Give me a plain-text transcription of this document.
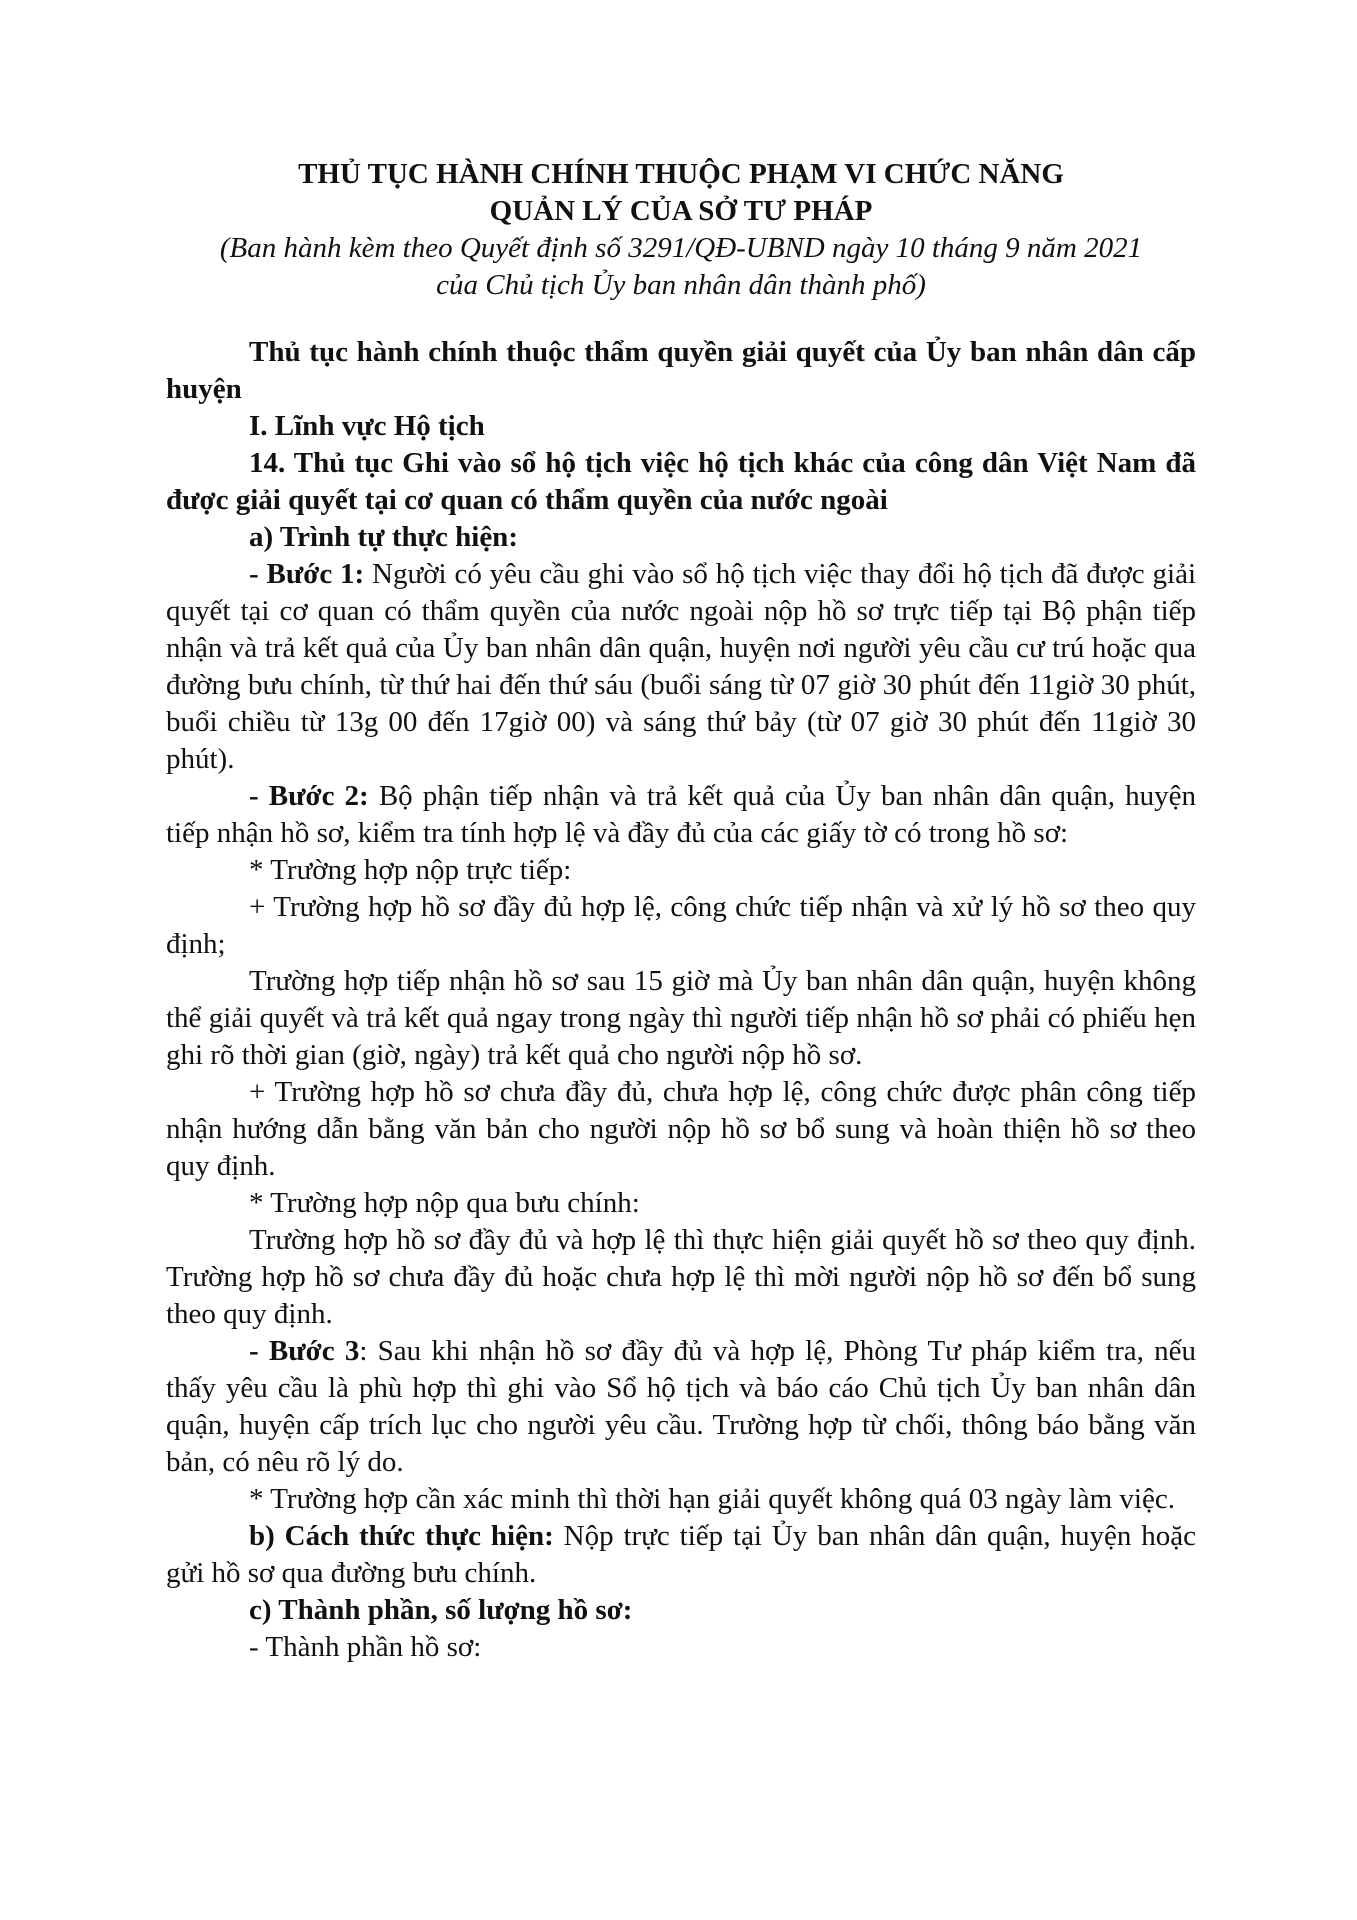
THỦ TỤC HÀNH CHÍNH THUỘC PHẠM VI CHỨC NĂNG
QUẢN LÝ CỦA SỞ TƯ PHÁP
(Ban hành kèm theo Quyết định số 3291/QĐ-UBND ngày 10 tháng 9 năm 2021
của Chủ tịch Ủy ban nhân dân thành phố)

Thủ tục hành chính thuộc thẩm quyền giải quyết của Ủy ban nhân dân cấp huyện

I. Lĩnh vực Hộ tịch

14. Thủ tục Ghi vào sổ hộ tịch việc hộ tịch khác của công dân Việt Nam đã được giải quyết tại cơ quan có thẩm quyền của nước ngoài

a) Trình tự thực hiện:

- Bước 1: Người có yêu cầu ghi vào sổ hộ tịch việc thay đổi hộ tịch đã được giải quyết tại cơ quan có thẩm quyền của nước ngoài nộp hồ sơ trực tiếp tại Bộ phận tiếp nhận và trả kết quả của Ủy ban nhân dân quận, huyện nơi người yêu cầu cư trú hoặc qua đường bưu chính, từ thứ hai đến thứ sáu (buổi sáng từ 07 giờ 30 phút đến 11giờ 30 phút, buổi chiều từ 13g 00 đến 17giờ 00) và sáng thứ bảy (từ 07 giờ 30 phút đến 11giờ 30 phút).

- Bước 2: Bộ phận tiếp nhận và trả kết quả của Ủy ban nhân dân quận, huyện tiếp nhận hồ sơ, kiểm tra tính hợp lệ và đầy đủ của các giấy tờ có trong hồ sơ:

* Trường hợp nộp trực tiếp:

+ Trường hợp hồ sơ đầy đủ hợp lệ, công chức tiếp nhận và xử lý hồ sơ theo quy định;

Trường hợp tiếp nhận hồ sơ sau 15 giờ mà Ủy ban nhân dân quận, huyện không thể giải quyết và trả kết quả ngay trong ngày thì người tiếp nhận hồ sơ phải có phiếu hẹn ghi rõ thời gian (giờ, ngày) trả kết quả cho người nộp hồ sơ.

+ Trường hợp hồ sơ chưa đầy đủ, chưa hợp lệ, công chức được phân công tiếp nhận hướng dẫn bằng văn bản cho người nộp hồ sơ bổ sung và hoàn thiện hồ sơ theo quy định.

* Trường hợp nộp qua bưu chính:

Trường hợp hồ sơ đầy đủ và hợp lệ thì thực hiện giải quyết hồ sơ theo quy định. Trường hợp hồ sơ chưa đầy đủ hoặc chưa hợp lệ thì mời người nộp hồ sơ đến bổ sung theo quy định.

- Bước 3: Sau khi nhận hồ sơ đầy đủ và hợp lệ, Phòng Tư pháp kiểm tra, nếu thấy yêu cầu là phù hợp thì ghi vào Sổ hộ tịch và báo cáo Chủ tịch Ủy ban nhân dân quận, huyện cấp trích lục cho người yêu cầu. Trường hợp từ chối, thông báo bằng văn bản, có nêu rõ lý do.

* Trường hợp cần xác minh thì thời hạn giải quyết không quá 03 ngày làm việc.

b) Cách thức thực hiện: Nộp trực tiếp tại Ủy ban nhân dân quận, huyện hoặc gửi hồ sơ qua đường bưu chính.

c) Thành phần, số lượng hồ sơ:

- Thành phần hồ sơ:
